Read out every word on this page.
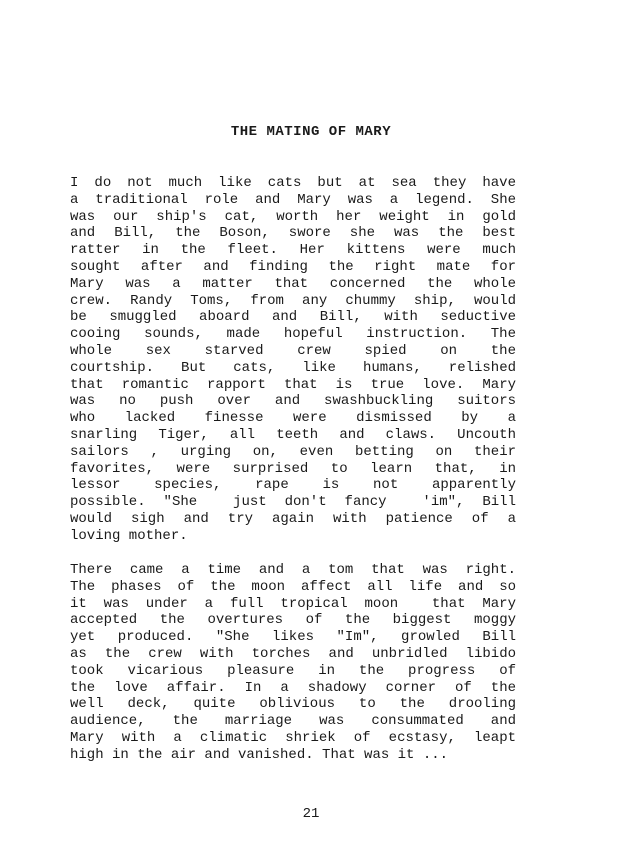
THE MATING OF MARY
I do not much like cats but at sea they have
a traditional role and Mary was a legend. She
was our ship's cat, worth her weight in gold
and Bill, the Boson, swore she was the best
ratter in the fleet. Her kittens were much
sought after and finding the right mate for
Mary was a matter that concerned the whole
crew. Randy Toms, from any chummy ship, would
be smuggled aboard and Bill, with seductive
cooing sounds, made hopeful instruction. The
whole sex starved crew spied on the
courtship. But cats, like humans, relished
that romantic rapport that is true love. Mary
was no push over and swashbuckling suitors
who lacked finesse were dismissed by a
snarling Tiger, all teeth and claws. Uncouth
sailors , urging on, even betting on their
favorites, were surprised to learn that, in
lessor species, rape is not apparently
possible. "She  just don't fancy  'im", Bill
would sigh and try again with patience of a
loving mother.
There came a time and a tom that was right.
The phases of the moon affect all life and so
it was under a full tropical moon  that Mary
accepted the overtures of the biggest moggy
yet produced. "She likes "Im", growled Bill
as the crew with torches and unbridled libido
took vicarious pleasure in the progress of
the love affair. In a shadowy corner of the
well deck, quite oblivious to the drooling
audience, the marriage was consummated and
Mary with a climatic shriek of ecstasy, leapt
high in the air and vanished. That was it ...
21
